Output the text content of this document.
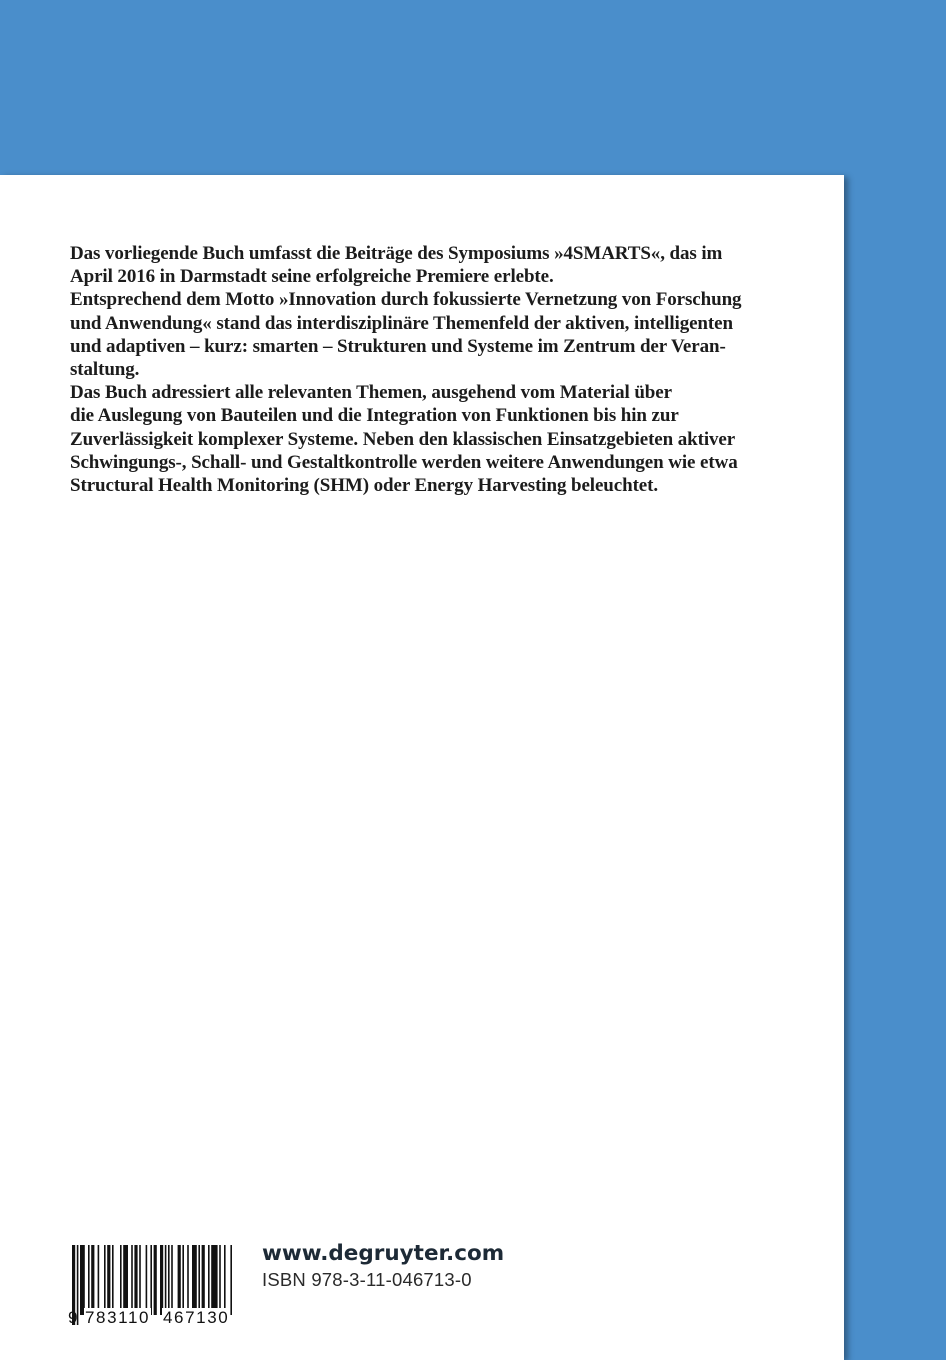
Das vorliegende Buch umfasst die Beiträge des Symposiums »4SMARTS«, das im
April 2016 in Darmstadt seine erfolgreiche Premiere erlebte.
Entsprechend dem Motto »Innovation durch fokussierte Vernetzung von Forschung
und Anwendung« stand das interdisziplinäre Themenfeld der aktiven, intelligenten
und adaptiven – kurz: smarten – Strukturen und Systeme im Zentrum der Veran-
staltung.
Das Buch adressiert alle relevanten Themen, ausgehend vom Material über
die Auslegung von Bauteilen und die Integration von Funktionen bis hin zur
Zuverlässigkeit komplexer Systeme. Neben den klassischen Einsatzgebieten aktiver
Schwingungs-, Schall- und Gestaltkontrolle werden weitere Anwendungen wie etwa
Structural Health Monitoring (SHM) oder Energy Harvesting beleuchtet.
9 783110 467130
www.degruyter.com
ISBN 978-3-11-046713-0
